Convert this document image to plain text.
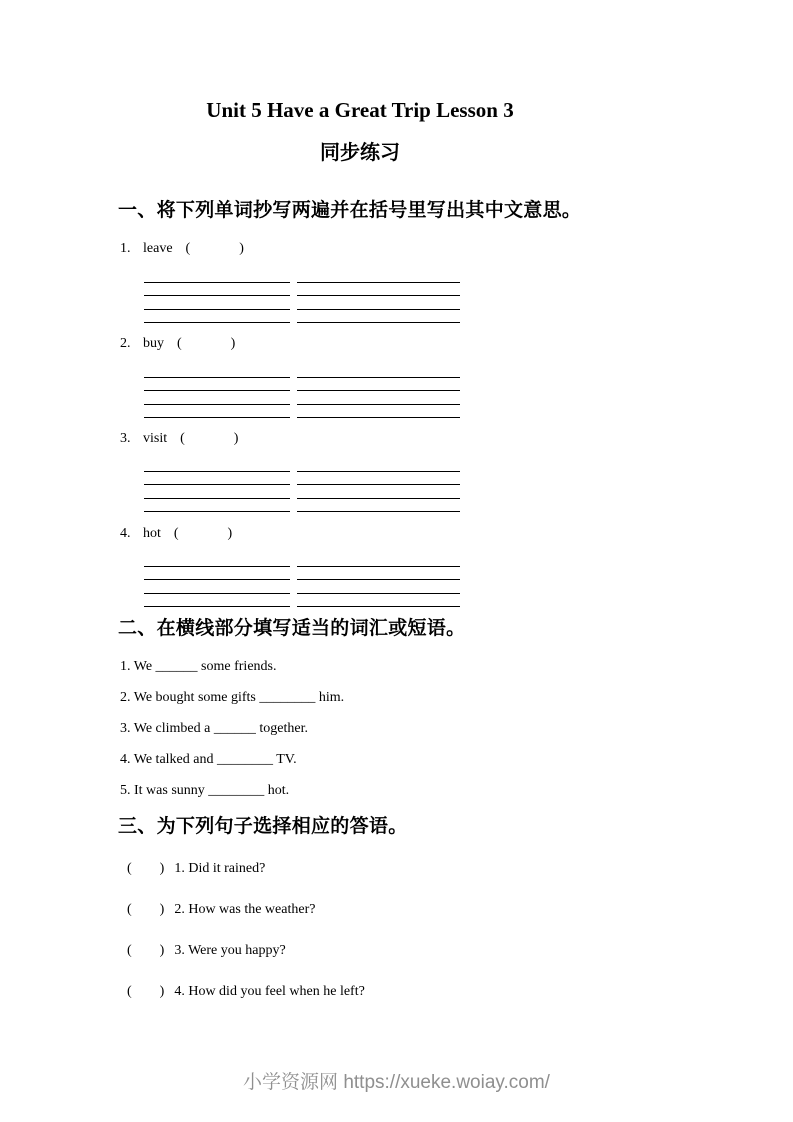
Unit 5 Have a Great Trip Lesson 3
同步练习
一、将下列单词抄写两遍并在括号里写出其中文意思。
1. leave (              )
2. buy (              )
3. visit (              )
4. hot (              )
二、在横线部分填写适当的词汇或短语。
1. We ______ some friends.
2. We bought some gifts ________ him.
3. We climbed a ______ together.
4. We talked and ________ TV.
5. It was sunny ________ hot.
三、为下列句子选择相应的答语。
(        ) 1. Did it rained?
(        ) 2. How was the weather?
(        ) 3. Were you happy?
(        ) 4. How did you feel when he left?
小学资源网 https://xueke.woiay.com/
